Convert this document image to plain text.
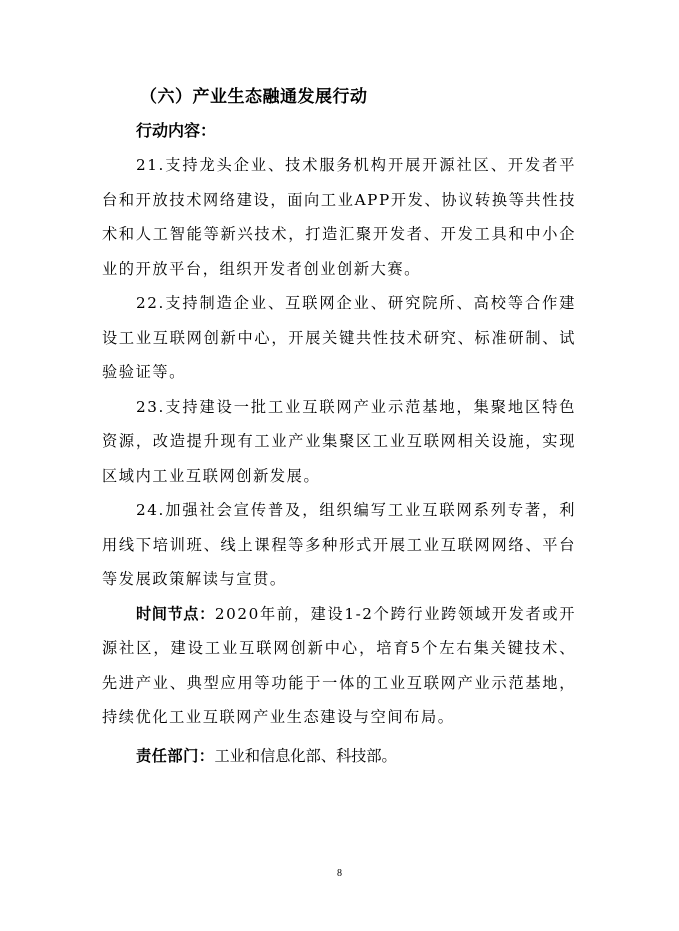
（六）产业生态融通发展行动
行动内容：

21.支持龙头企业、技术服务机构开展开源社区、开发者平台和开放技术网络建设，面向工业APP开发、协议转换等共性技术和人工智能等新兴技术，打造汇聚开发者、开发工具和中小企业的开放平台，组织开发者创业创新大赛。

22.支持制造企业、互联网企业、研究院所、高校等合作建设工业互联网创新中心，开展关键共性技术研究、标准研制、试验验证等。

23.支持建设一批工业互联网产业示范基地，集聚地区特色资源，改造提升现有工业产业集聚区工业互联网相关设施，实现区域内工业互联网创新发展。

24.加强社会宣传普及，组织编写工业互联网系列专著，利用线下培训班、线上课程等多种形式开展工业互联网网络、平台等发展政策解读与宣贯。

时间节点：2020年前，建设1-2个跨行业跨领域开发者或开源社区，建设工业互联网创新中心，培育5个左右集关键技术、先进产业、典型应用等功能于一体的工业互联网产业示范基地，持续优化工业互联网产业生态建设与空间布局。

责任部门：工业和信息化部、科技部。
8
